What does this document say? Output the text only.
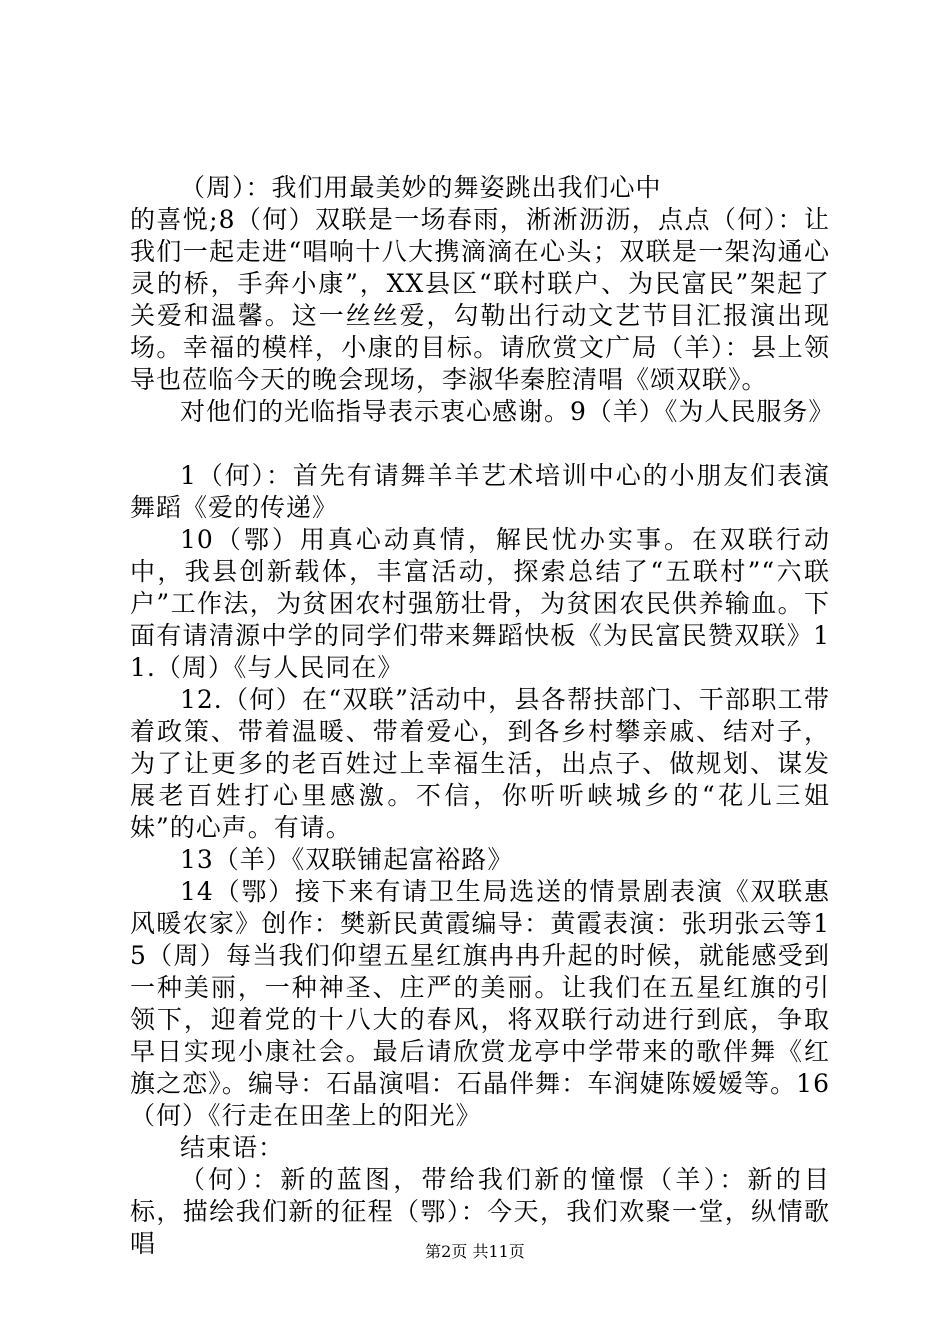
（周）：我们用最美妙的舞姿跳出我们心中

的喜悦;8（何）双联是一场春雨，淅淅沥沥，点点（何）：让我们一起走进“唱响十八大携滴滴在心头；双联是一架沟通心灵的桥，手奔小康”，XX县区“联村联户、为民富民”架起了关爱和温馨。这一丝丝爱，勾勒出行动文艺节目汇报演出现场。幸福的模样，小康的目标。请欣赏文广局（羊）：县上领导也莅临今天的晚会现场，李淑华秦腔清唱《颂双联》。

对他们的光临指导表示衷心感谢。9（羊）《为人民服务》

1（何）：首先有请舞羊羊艺术培训中心的小朋友们表演舞蹈《爱的传递》

10（鄂）用真心动真情，解民忧办实事。在双联行动中，我县创新载体，丰富活动，探索总结了“五联村”“六联户”工作法，为贫困农村强筋壮骨，为贫困农民供养输血。下面有请清源中学的同学们带来舞蹈快板《为民富民赞双联》11.（周）《与人民同在》

12.（何）在“双联”活动中，县各帮扶部门、干部职工带着政策、带着温暖、带着爱心，到各乡村攀亲戚、结对子，为了让更多的老百姓过上幸福生活，出点子、做规划、谋发展老百姓打心里感激。不信，你听听峡城乡的“花儿三姐妹”的心声。有请。

13（羊）《双联铺起富裕路》

14（鄂）接下来有请卫生局选送的情景剧表演《双联惠风暖农家》创作：樊新民黄霞编导：黄霞表演：张玥张云等15（周）每当我们仰望五星红旗冉冉升起的时候，就能感受到一种美丽，一种神圣、庄严的美丽。让我们在五星红旗的引领下，迎着党的十八大的春风，将双联行动进行到底，争取早日实现小康社会。最后请欣赏龙亭中学带来的歌伴舞《红旗之恋》。编导：石晶演唱：石晶伴舞：车润婕陈嫒嫒等。16（何）《行走在田垄上的阳光》

结束语：

（何）：新的蓝图，带给我们新的憧憬（羊）：新的目标，描绘我们新的征程（鄂）：今天，我们欢聚一堂，纵情歌唱	第2页 共11页
